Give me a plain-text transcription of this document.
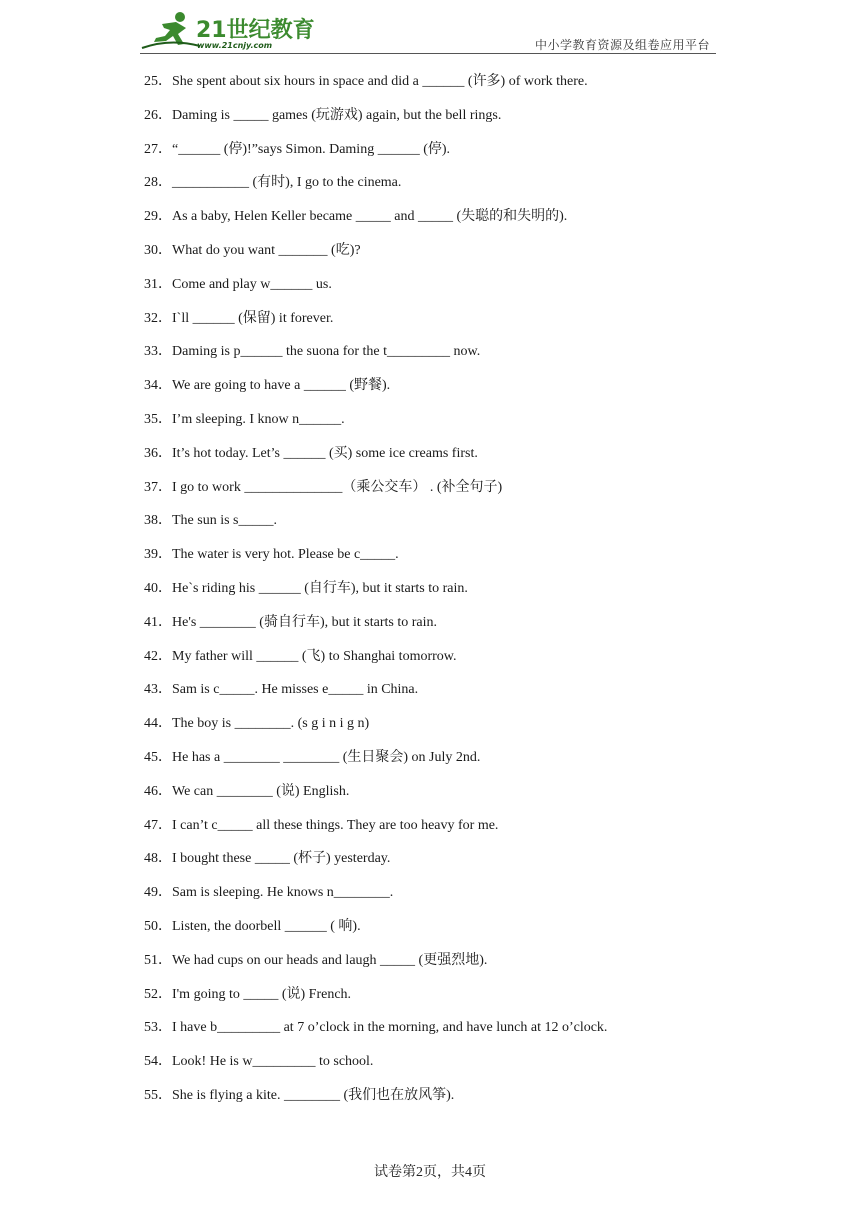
21世纪教育
www.21cnjy.com	中小学教育资源及组卷应用平台
25．She spent about six hours in space and did a ______ (许多) of work there.
26．Daming is _____ games (玩游戏) again, but the bell rings.
27．“______ (停)!”says Simon. Daming ______ (停).
28．___________ (有时), I go to the cinema.
29．As a baby, Helen Keller became _____ and _____ (失聪的和失明的).
30．What do you want _______ (吃)?
31．Come and play w______ us.
32．I`ll ______ (保留) it forever.
33．Daming is p______ the suona for the t_________ now.
34．We are going to have a ______ (野餐).
35．I’m sleeping. I know n______.
36．It’s hot today. Let’s ______ (买) some ice creams first.
37．I go to work ______________（乘公交车） . (补全句子)
38．The sun is s_____.
39．The water is very hot. Please be c_____.
40．He`s riding his ______ (自行车), but it starts to rain.
41．He's ________ (骑自行车), but it starts to rain.
42．My father will ______ (飞) to Shanghai tomorrow.
43．Sam is c_____. He misses e_____ in China.
44．The boy is ________. (s g i n i g n)
45．He has a ________ ________ (生日聚会) on July 2nd.
46．We can ________ (说) English.
47．I can’t c_____ all these things. They are too heavy for me.
48．I bought these _____ (杯子) yesterday.
49．Sam is sleeping. He knows n________.
50．Listen, the doorbell ______ ( 响).
51．We had cups on our heads and laugh _____ (更强烈地).
52．I'm going to _____ (说) French.
53．I have b_________ at 7 o’clock in the morning, and have lunch at 12 o’clock.
54．Look! He is w_________ to school.
55．She is flying a kite. ________ (我们也在放风筝).
试卷第2页，共4页
